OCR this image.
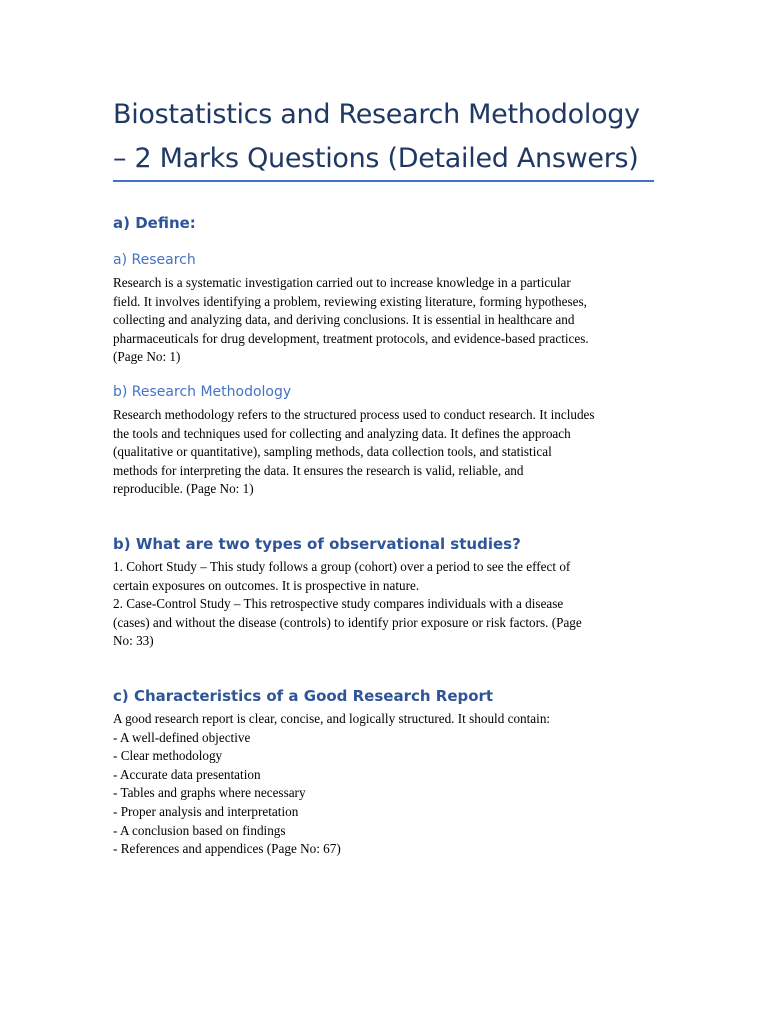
Biostatistics and Research Methodology
– 2 Marks Questions (Detailed Answers)
a) Define:
a) Research

Research is a systematic investigation carried out to increase knowledge in a particular
field. It involves identifying a problem, reviewing existing literature, forming hypotheses,
collecting and analyzing data, and deriving conclusions. It is essential in healthcare and
pharmaceuticals for drug development, treatment protocols, and evidence-based practices.
(Page No: 1)

b) Research Methodology

Research methodology refers to the structured process used to conduct research. It includes
the tools and techniques used for collecting and analyzing data. It defines the approach
(qualitative or quantitative), sampling methods, data collection tools, and statistical
methods for interpreting the data. It ensures the research is valid, reliable, and
reproducible. (Page No: 1)

b) What are two types of observational studies?

1. Cohort Study – This study follows a group (cohort) over a period to see the effect of
certain exposures on outcomes. It is prospective in nature.
2. Case-Control Study – This retrospective study compares individuals with a disease
(cases) and without the disease (controls) to identify prior exposure or risk factors. (Page
No: 33)

c) Characteristics of a Good Research Report

A good research report is clear, concise, and logically structured. It should contain:
- A well-defined objective
- Clear methodology
- Accurate data presentation
- Tables and graphs where necessary
- Proper analysis and interpretation
- A conclusion based on findings
- References and appendices (Page No: 67)
